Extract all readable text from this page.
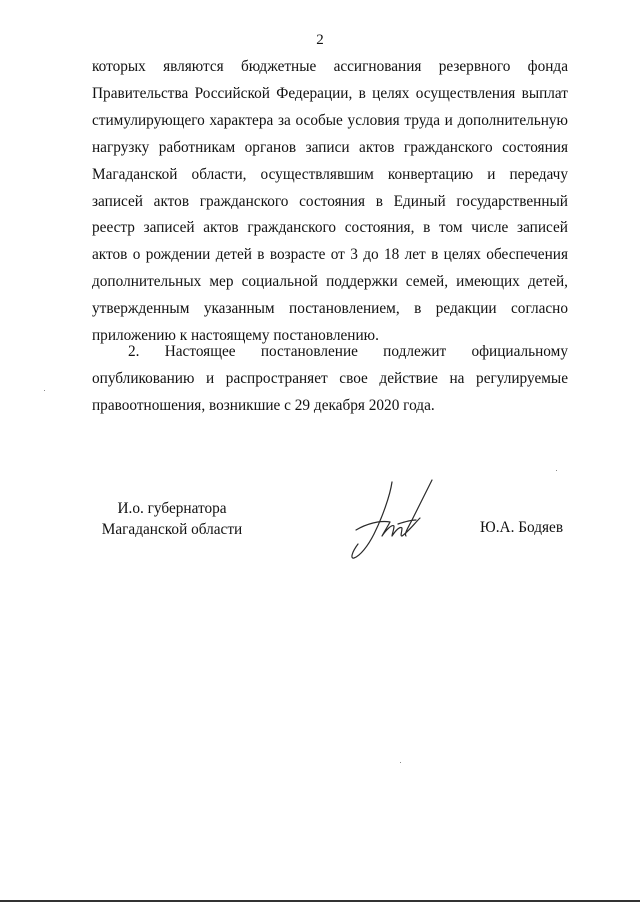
2

которых являются бюджетные ассигнования резервного фонда Правительства Российской Федерации, в целях осуществления выплат стимулирующего характера за особые условия труда и дополнительную нагрузку работникам органов записи актов гражданского состояния Магаданской области, осуществлявшим конвертацию и передачу записей актов гражданского состояния в Единый государственный реестр записей актов гражданского состояния, в том числе записей актов о рождении детей в возрасте от 3 до 18 лет в целях обеспечения дополнительных мер социальной поддержки семей, имеющих детей, утвержденным указанным постановлением, в редакции согласно приложению к настоящему постановлению.

2. Настоящее постановление подлежит официальному опубликованию и распространяет свое действие на регулируемые правоотношения, возникшие с 29 декабря 2020 года.

И.о. губернатора
Магаданской области	Ю.А. Бодяев
